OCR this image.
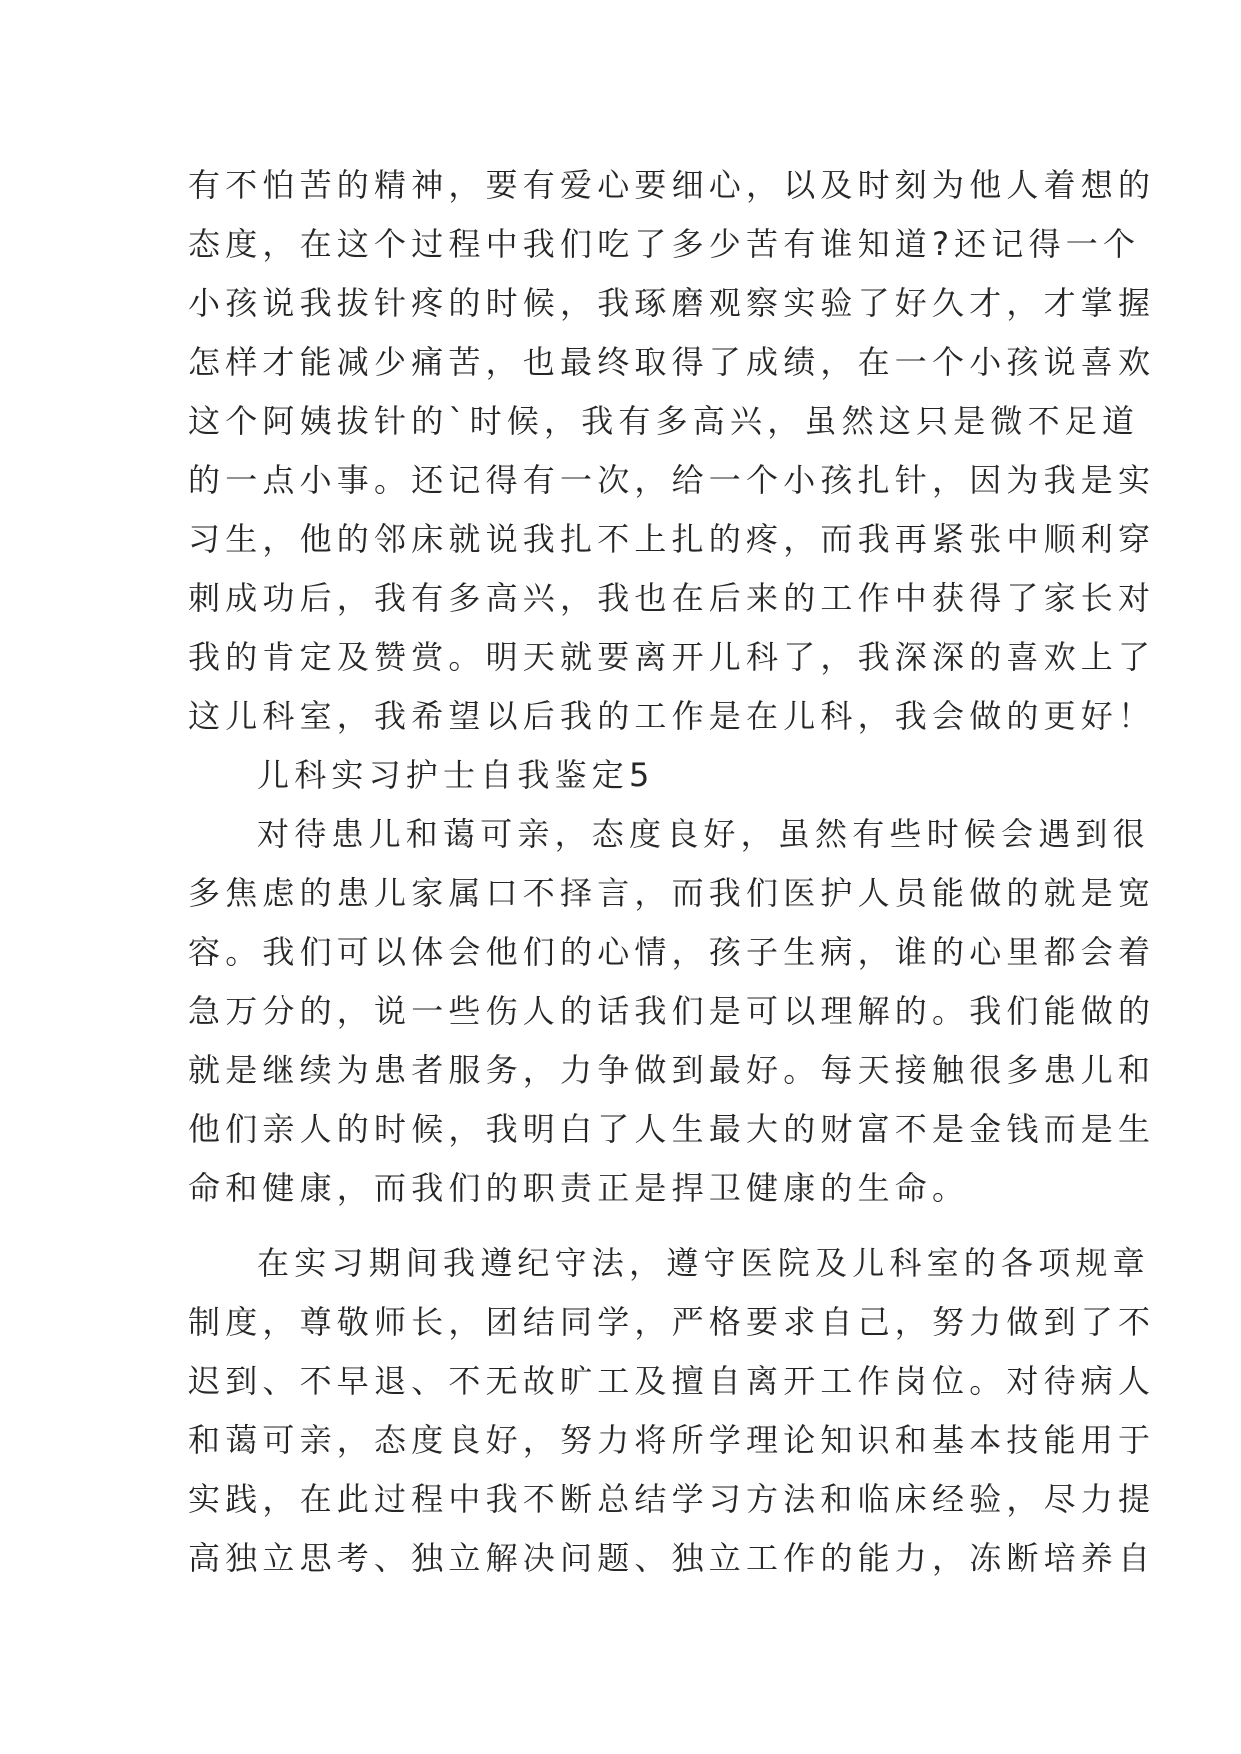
有不怕苦的精神，要有爱心要细心，以及时刻为他人着想的
态度，在这个过程中我们吃了多少苦有谁知道?还记得一个
小孩说我拔针疼的时候，我琢磨观察实验了好久才，才掌握
怎样才能减少痛苦，也最终取得了成绩，在一个小孩说喜欢
这个阿姨拔针的`时候，我有多高兴，虽然这只是微不足道
的一点小事。还记得有一次，给一个小孩扎针，因为我是实
习生，他的邻床就说我扎不上扎的疼，而我再紧张中顺利穿
刺成功后，我有多高兴，我也在后来的工作中获得了家长对
我的肯定及赞赏。明天就要离开儿科了，我深深的喜欢上了
这儿科室，我希望以后我的工作是在儿科，我会做的更好！
儿科实习护士自我鉴定5
对待患儿和蔼可亲，态度良好，虽然有些时候会遇到很
多焦虑的患儿家属口不择言，而我们医护人员能做的就是宽
容。我们可以体会他们的心情，孩子生病，谁的心里都会着
急万分的，说一些伤人的话我们是可以理解的。我们能做的
就是继续为患者服务，力争做到最好。每天接触很多患儿和
他们亲人的时候，我明白了人生最大的财富不是金钱而是生
命和健康，而我们的职责正是捍卫健康的生命。
在实习期间我遵纪守法，遵守医院及儿科室的各项规章
制度，尊敬师长，团结同学，严格要求自己，努力做到了不
迟到、不早退、不无故旷工及擅自离开工作岗位。对待病人
和蔼可亲，态度良好，努力将所学理论知识和基本技能用于
实践，在此过程中我不断总结学习方法和临床经验，尽力提
高独立思考、独立解决问题、独立工作的能力，冻断培养自
